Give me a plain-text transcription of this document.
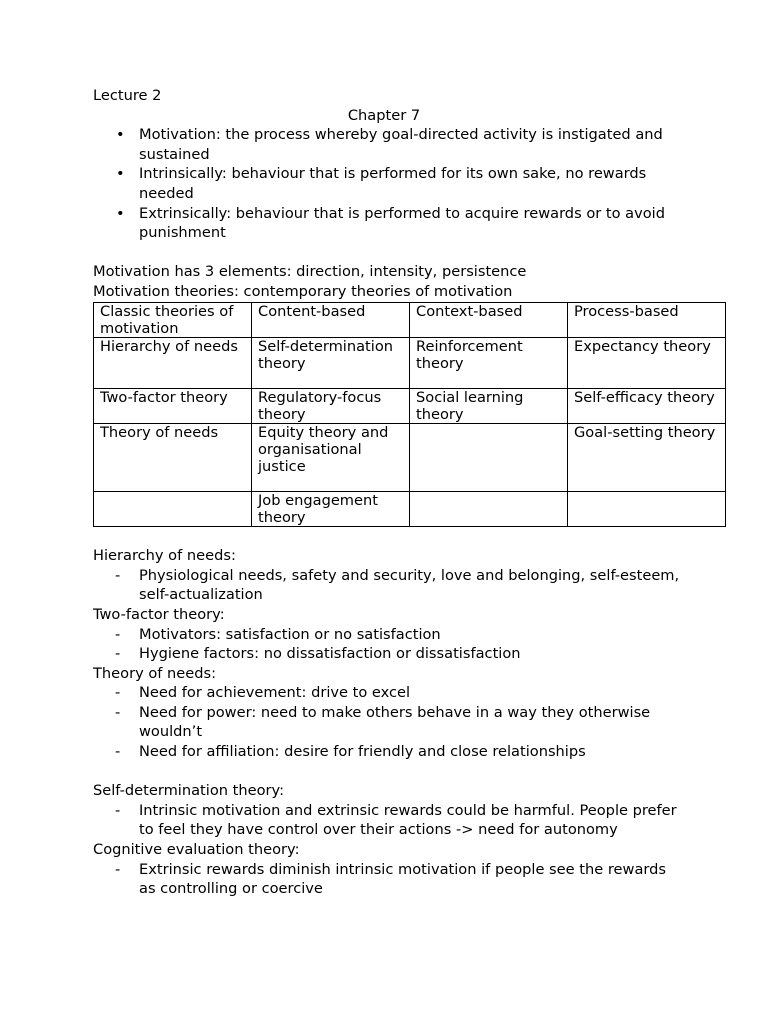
Lecture 2

Chapter 7

• Motivation: the process whereby goal-directed activity is instigated and sustained
• Intrinsically: behaviour that is performed for its own sake, no rewards needed
• Extrinsically: behaviour that is performed to acquire rewards or to avoid punishment

Motivation has 3 elements: direction, intensity, persistence

Motivation theories: contemporary theories of motivation

Classic theories of motivation	Content-based	Context-based	Process-based
Hierarchy of needs	Self-determination theory	Reinforcement theory	Expectancy theory
Two-factor theory	Regulatory-focus theory	Social learning theory	Self-efficacy theory
Theory of needs	Equity theory and organisational justice		Goal-setting theory
	Job engagement theory		

Hierarchy of needs:

- Physiological needs, safety and security, love and belonging, self-esteem, self-actualization

Two-factor theory:

- Motivators: satisfaction or no satisfaction
- Hygiene factors: no dissatisfaction or dissatisfaction

Theory of needs:

- Need for achievement: drive to excel
- Need for power: need to make others behave in a way they otherwise wouldn’t
- Need for affiliation: desire for friendly and close relationships

Self-determination theory:

- Intrinsic motivation and extrinsic rewards could be harmful. People prefer to feel they have control over their actions -> need for autonomy

Cognitive evaluation theory:

- Extrinsic rewards diminish intrinsic motivation if people see the rewards as controlling or coercive
